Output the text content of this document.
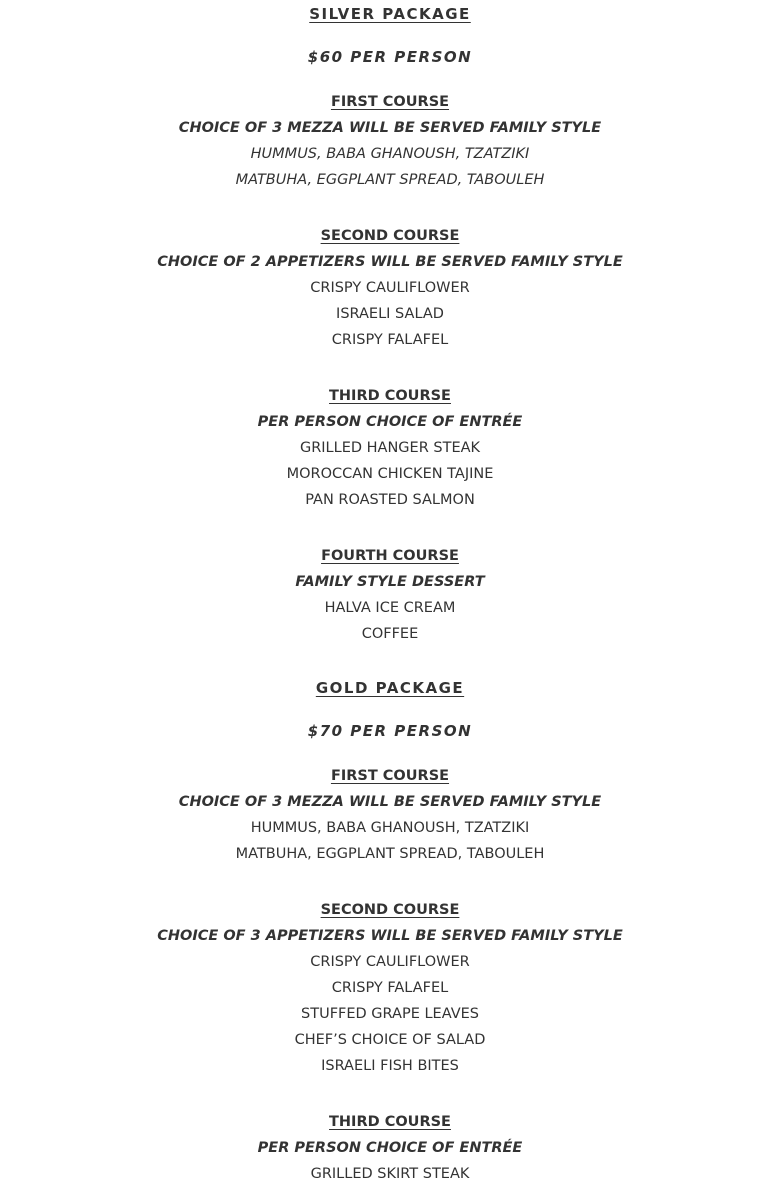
SILVER PACKAGE
$60 PER PERSON
FIRST COURSE
CHOICE OF 3 MEZZA WILL BE SERVED FAMILY STYLE
HUMMUS, BABA GHANOUSH, TZATZIKI
MATBUHA, EGGPLANT SPREAD, TABOULEH
SECOND COURSE
CHOICE OF 2 APPETIZERS WILL BE SERVED FAMILY STYLE
CRISPY CAULIFLOWER
ISRAELI SALAD
CRISPY FALAFEL
THIRD COURSE
PER PERSON CHOICE OF ENTRÉE
GRILLED HANGER STEAK
MOROCCAN CHICKEN TAJINE
PAN ROASTED SALMON
FOURTH COURSE
FAMILY STYLE DESSERT
HALVA ICE CREAM
COFFEE
GOLD PACKAGE
$70 PER PERSON
FIRST COURSE
CHOICE OF 3 MEZZA WILL BE SERVED FAMILY STYLE
HUMMUS, BABA GHANOUSH, TZATZIKI
MATBUHA, EGGPLANT SPREAD, TABOULEH
SECOND COURSE
CHOICE OF 3 APPETIZERS WILL BE SERVED FAMILY STYLE
CRISPY CAULIFLOWER
CRISPY FALAFEL
STUFFED GRAPE LEAVES
CHEF’S CHOICE OF SALAD
ISRAELI FISH BITES
THIRD COURSE
PER PERSON CHOICE OF ENTRÉE
GRILLED SKIRT STEAK
